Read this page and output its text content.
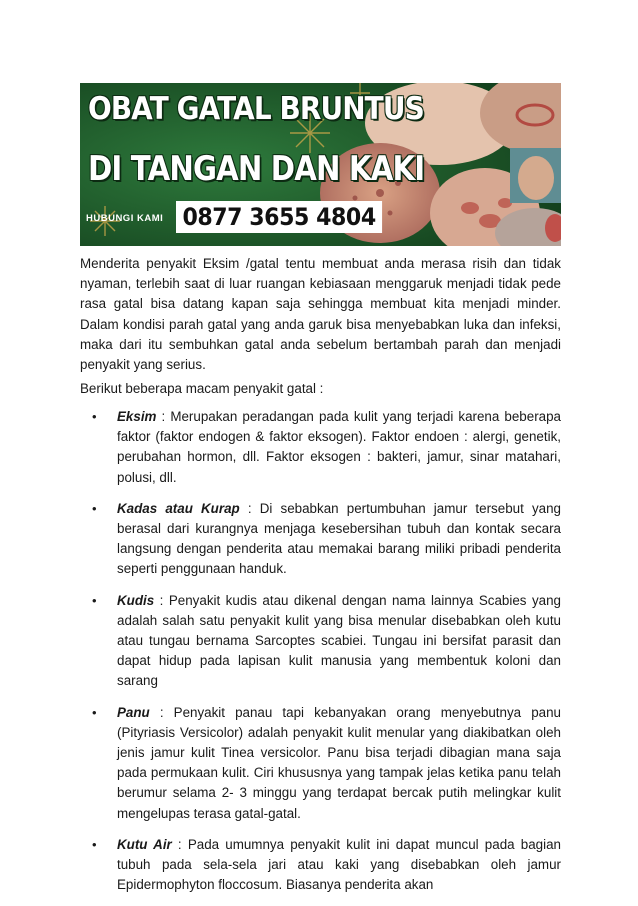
OBAT GATAL BRUNTUS
DI TANGAN DAN KAKI
HUBUNGI KAMI 0877 3655 4804

Menderita penyakit Eksim /gatal tentu membuat anda merasa risih dan tidak nyaman, terlebih saat di luar ruangan kebiasaan menggaruk menjadi tidak pede rasa gatal bisa datang kapan saja sehingga membuat kita menjadi minder. Dalam kondisi parah gatal yang anda garuk bisa menyebabkan luka dan infeksi, maka dari itu sembuhkan gatal anda sebelum bertambah parah dan menjadi penyakit yang serius.

Berikut beberapa macam penyakit gatal :

• Eksim : Merupakan peradangan pada kulit yang terjadi karena beberapa faktor (faktor endogen & faktor eksogen). Faktor endoen : alergi, genetik, perubahan hormon, dll. Faktor eksogen : bakteri, jamur, sinar matahari, polusi, dll.
• Kadas atau Kurap : Di sebabkan pertumbuhan jamur tersebut yang berasal dari kurangnya menjaga kesebersihan tubuh dan kontak secara langsung dengan penderita atau memakai barang miliki pribadi penderita seperti penggunaan handuk.
• Kudis : Penyakit kudis atau dikenal dengan nama lainnya Scabies yang adalah salah satu penyakit kulit yang bisa menular disebabkan oleh kutu atau tungau bernama Sarcoptes scabiei. Tungau ini bersifat parasit dan dapat hidup pada lapisan kulit manusia yang membentuk koloni dan sarang
• Panu : Penyakit panau tapi kebanyakan orang menyebutnya panu (Pityriasis Versicolor) adalah penyakit kulit menular yang diakibatkan oleh jenis jamur kulit Tinea versicolor. Panu bisa terjadi dibagian mana saja pada permukaan kulit. Ciri khususnya yang tampak jelas ketika panu telah berumur selama 2- 3 minggu yang terdapat bercak putih melingkar kulit mengelupas terasa gatal-gatal.
• Kutu Air : Pada umumnya penyakit kulit ini dapat muncul pada bagian tubuh pada sela-sela jari atau kaki yang disebabkan oleh jamur Epidermophyton floccosum. Biasanya penderita akan
